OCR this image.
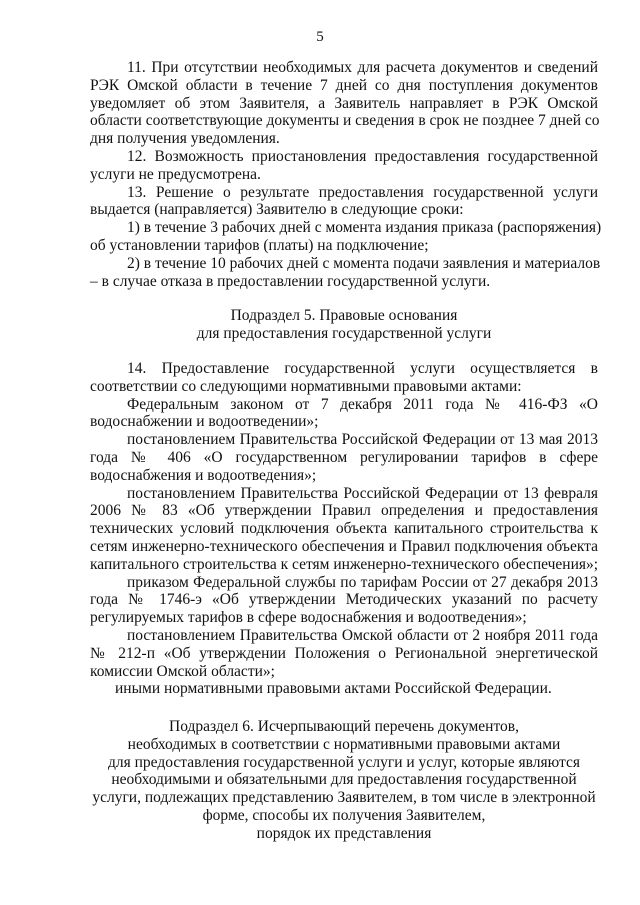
5
11. При отсутствии необходимых для расчета документов и сведений
РЭК Омской области в течение 7 дней со дня поступления документов
уведомляет об этом Заявителя, а Заявитель направляет в РЭК Омской
области соответствующие документы и сведения в срок не позднее 7 дней со
дня получения уведомления.
12. Возможность приостановления предоставления государственной
услуги не предусмотрена.
13. Решение о результате предоставления государственной услуги
выдается (направляется) Заявителю в следующие сроки:
1) в течение 3 рабочих дней с момента издания приказа (распоряжения)
об установлении тарифов (платы) на подключение;
2) в течение 10 рабочих дней с момента подачи заявления и материалов
– в случае отказа в предоставлении государственной услуги.
Подраздел 5. Правовые основания
для предоставления государственной услуги
14. Предоставление государственной услуги осуществляется в
соответствии со следующими нормативными правовыми актами:
Федеральным законом от 7 декабря 2011 года № 416-ФЗ «О
водоснабжении и водоотведении»;
постановлением Правительства Российской Федерации от 13 мая 2013
года № 406 «О государственном регулировании тарифов в сфере
водоснабжения и водоотведения»;
постановлением Правительства Российской Федерации от 13 февраля
2006 № 83 «Об утверждении Правил определения и предоставления
технических условий подключения объекта капитального строительства к
сетям инженерно-технического обеспечения и Правил подключения объекта
капитального строительства к сетям инженерно-технического обеспечения»;
приказом Федеральной службы по тарифам России от 27 декабря 2013
года № 1746-э «Об утверждении Методических указаний по расчету
регулируемых тарифов в сфере водоснабжения и водоотведения»;
постановлением Правительства Омской области от 2 ноября 2011 года
№ 212-п «Об утверждении Положения о Региональной энергетической
комиссии Омской области»;
иными нормативными правовыми актами Российской Федерации.
Подраздел 6. Исчерпывающий перечень документов,
необходимых в соответствии с нормативными правовыми актами
для предоставления государственной услуги и услуг, которые являются
необходимыми и обязательными для предоставления государственной
услуги, подлежащих представлению Заявителем, в том числе в электронной
форме, способы их получения Заявителем,
порядок их представления
